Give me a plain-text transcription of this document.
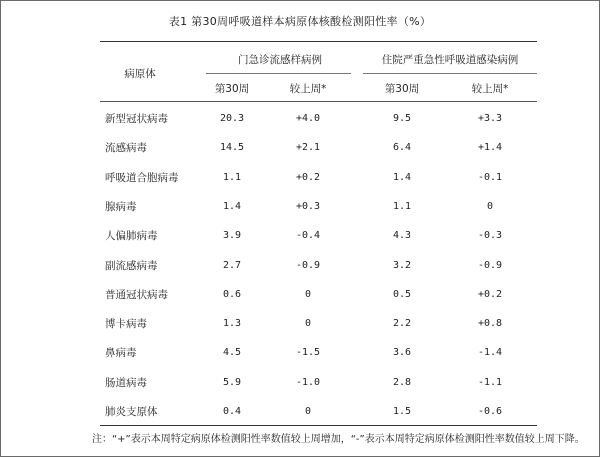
表1 第30周呼吸道样本病原体核酸检测阳性率（%）
病原体
门急诊流感样病例	住院严重急性呼吸道感染病例
第30周	较上周*	第30周	较上周*
新型冠状病毒	20.3	+4.0	9.5	+3.3
流感病毒	14.5	+2.1	6.4	+1.4
呼吸道合胞病毒	1.1	+0.2	1.4	-0.1
腺病毒	1.4	+0.3	1.1	0
人偏肺病毒	3.9	-0.4	4.3	-0.3
副流感病毒	2.7	-0.9	3.2	-0.9
普通冠状病毒	0.6	0	0.5	+0.2
博卡病毒	1.3	0	2.2	+0.8
鼻病毒	4.5	-1.5	3.6	-1.4
肠道病毒	5.9	-1.0	2.8	-1.1
肺炎支原体	0.4	0	1.5	-0.6
注：“+”表示本周特定病原体检测阳性率数值较上周增加，“-”表示本周特定病原体检测阳性率数值较上周下降。
